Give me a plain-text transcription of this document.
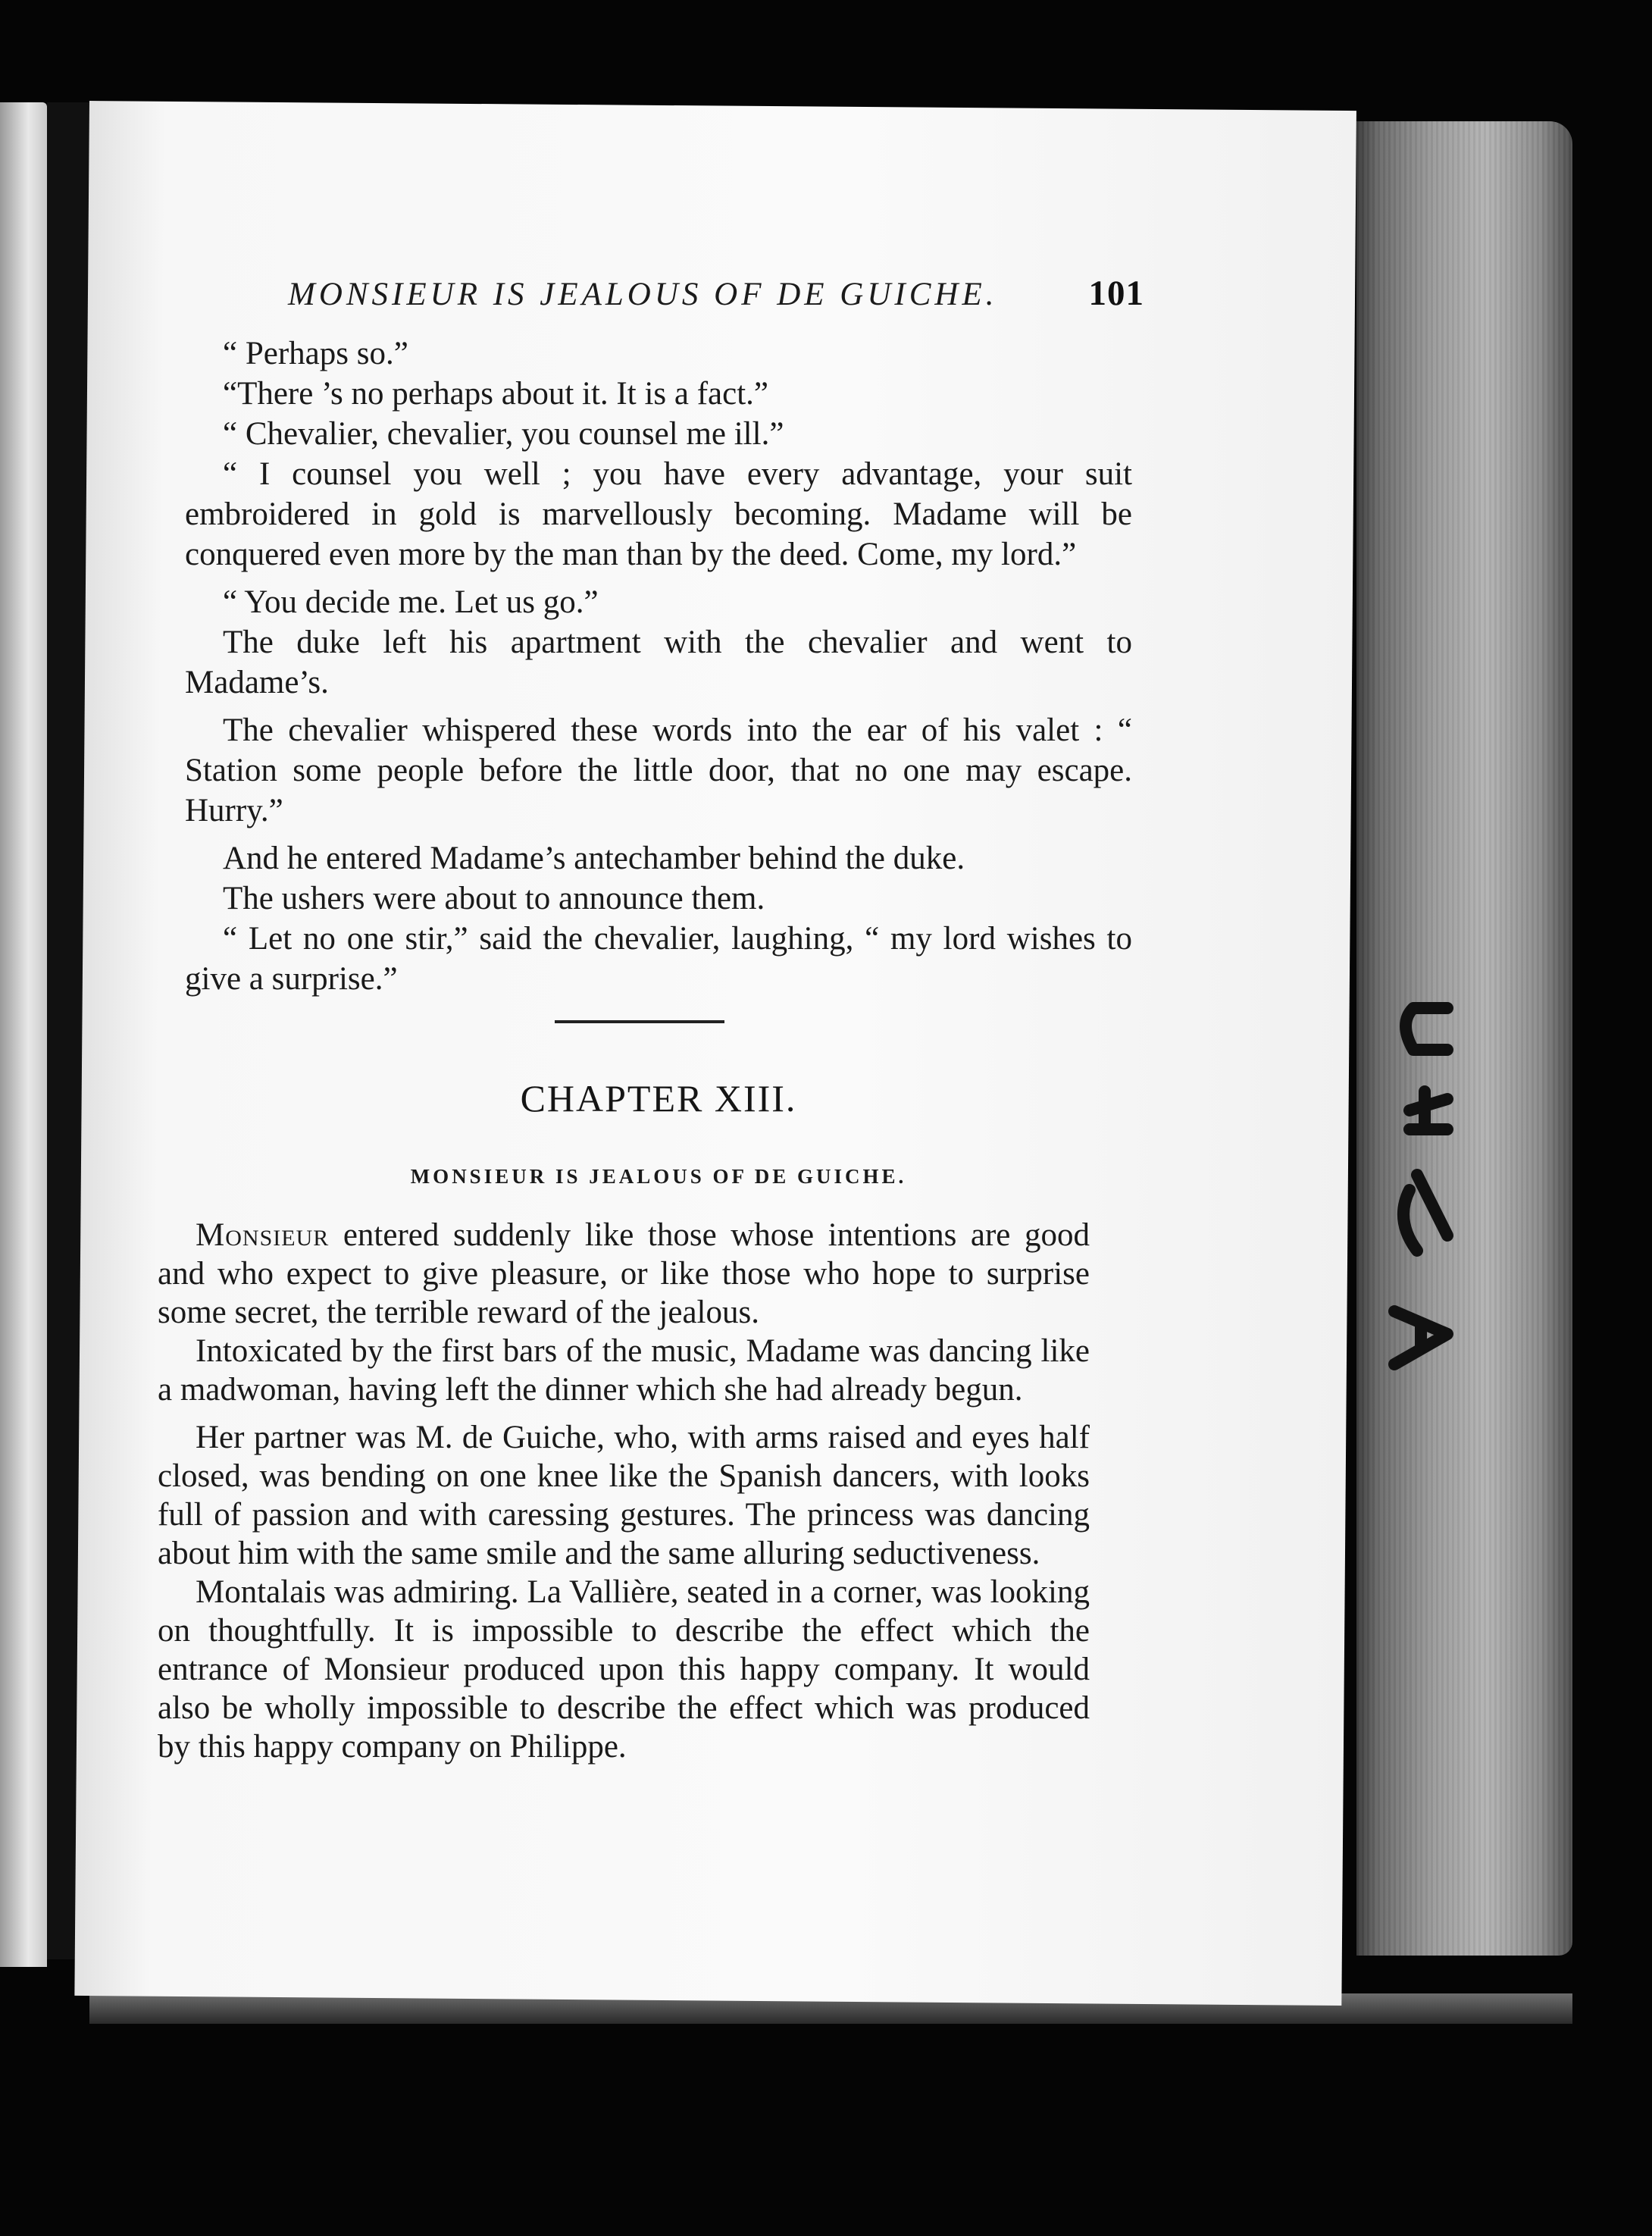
MONSIEUR IS JEALOUS OF DE GUICHE.	101

“ Perhaps so.”

“There ’s no perhaps about it. It is a fact.”

“ Chevalier, chevalier, you counsel me ill.”

“ I counsel you well ; you have every advantage, your suit embroidered in gold is marvellously becoming. Madame will be conquered even more by the man than by the deed. Come, my lord.”

“ You decide me. Let us go.”

The duke left his apartment with the chevalier and went to Madame’s.

The chevalier whispered these words into the ear of his valet : “ Station some people before the little door, that no one may escape. Hurry.”

And he entered Madame’s antechamber behind the duke.

The ushers were about to announce them.

“ Let no one stir,” said the chevalier, laughing, “ my lord wishes to give a surprise.”

CHAPTER XIII.
MONSIEUR IS JEALOUS OF DE GUICHE.

Monsieur entered suddenly like those whose intentions are good and who expect to give pleasure, or like those who hope to surprise some secret, the terrible reward of the jealous.

Intoxicated by the first bars of the music, Madame was dancing like a madwoman, having left the dinner which she had already begun.

Her partner was M. de Guiche, who, with arms raised and eyes half closed, was bending on one knee like the Spanish dancers, with looks full of passion and with caressing gestures. The princess was dancing about him with the same smile and the same alluring seductiveness.

Montalais was admiring. La Vallière, seated in a corner, was looking on thoughtfully. It is impossible to describe the effect which the entrance of Monsieur produced upon this happy company. It would also be wholly impossible to describe the effect which was produced by this happy company on Philippe.
